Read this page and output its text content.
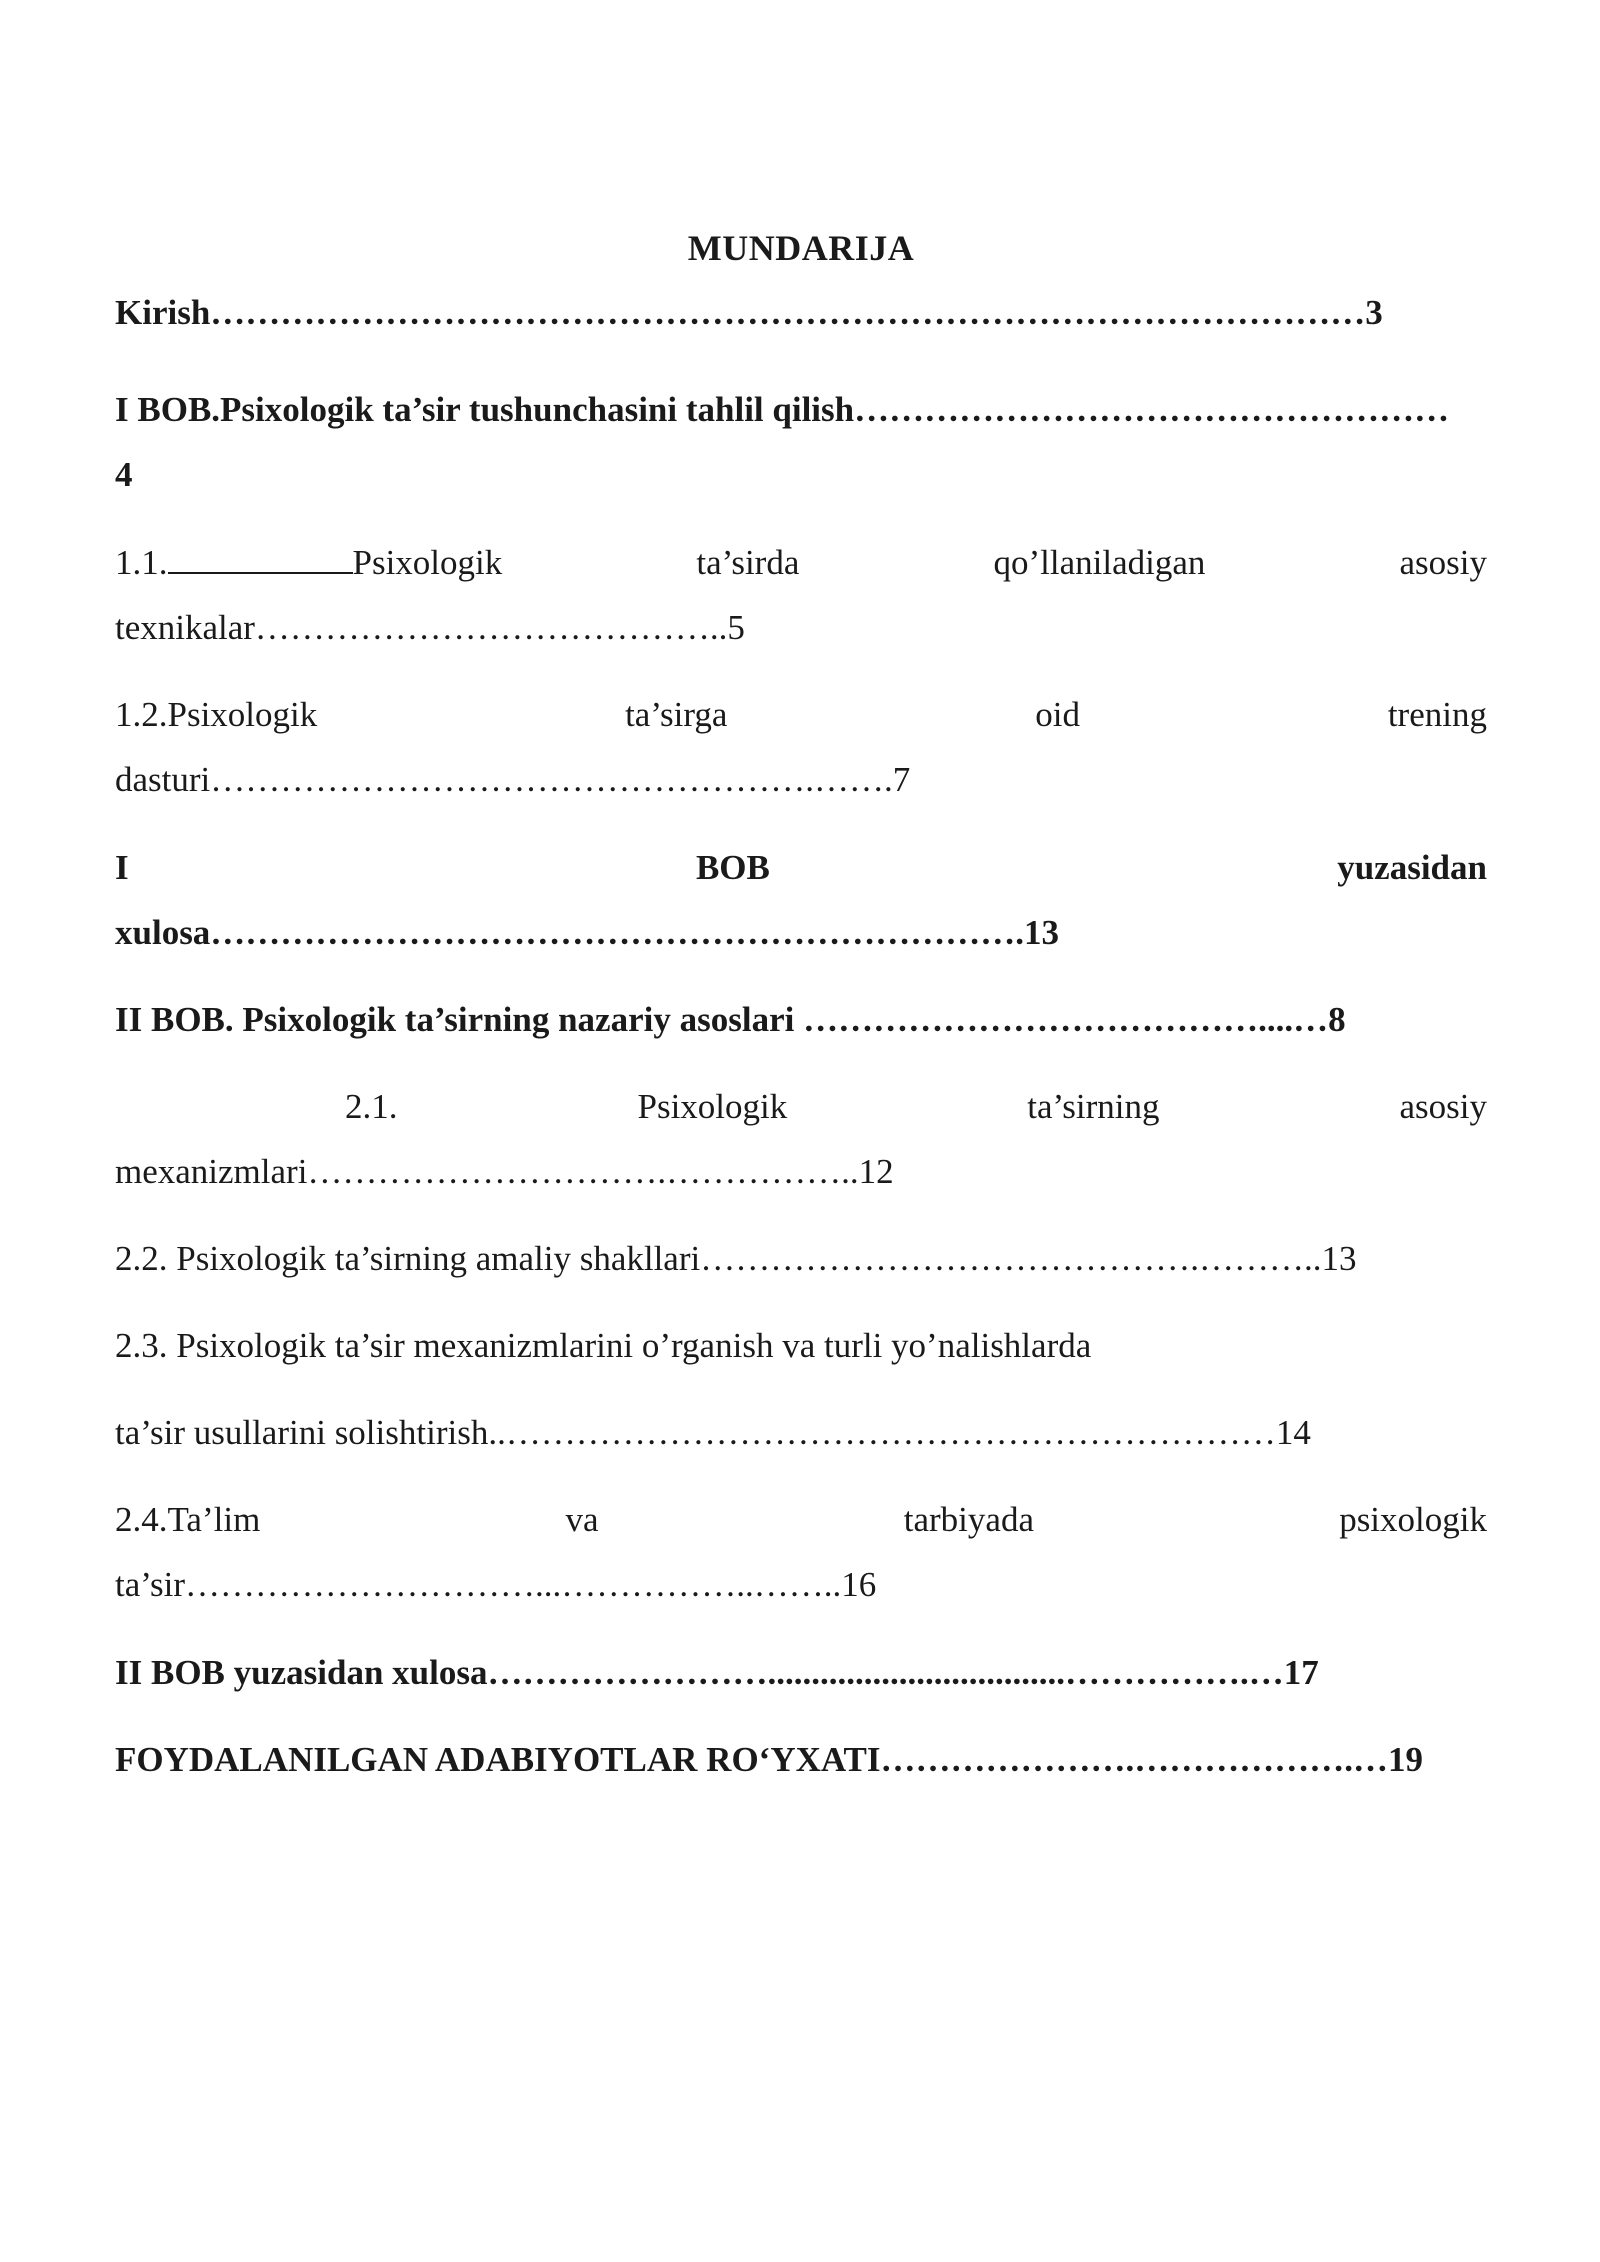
MUNDARIJA
Kirish………………………………………………………………………………………3
I BOB.Psixologik ta’sir tushunchasini tahlil qilish……………………………………………
4
1.1.	Psixologik	ta’sirda	qo’llaniladigan	asosiy
texnikalar…………………………………..5
1.2.Psixologik	ta’sirga	oid	trening
dasturi…………………………………………….…….7
I	BOB	yuzasidan
xulosa…………………………………………………………….13
II BOB. Psixologik ta’sirning nazariy asoslari …………………………………....…8
2.1.	Psixologik	ta’sirning	asosiy
mexanizmlari………………………….……………..12
2.2. Psixologik ta’sirning amaliy shakllari…………………………………….………..13
2.3. Psixologik ta’sir mexanizmlarini o’rganish va turli yo’nalishlarda
ta’sir usullarini solishtirish..…………………………………………………………14
2.4.Ta’lim	va	tarbiyada	psixologik
ta’sir…………………………...……………..……..16
II BOB yuzasidan xulosa……………………..................................…………….…17
FOYDALANILGAN ADABIYOTLAR RO‘YXATI………………….……………….…19
